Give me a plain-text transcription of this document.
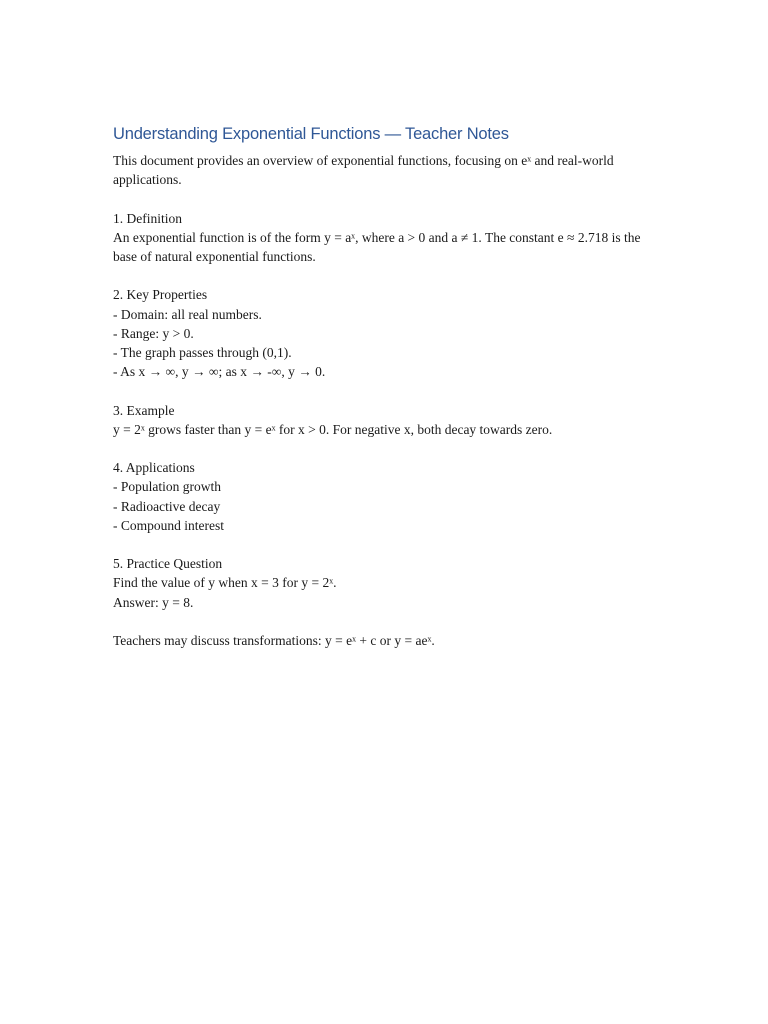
Understanding Exponential Functions — Teacher Notes

This document provides an overview of exponential functions, focusing on eˣ and real-world applications.

1. Definition

An exponential function is of the form y = aˣ, where a > 0 and a ≠ 1. The constant e ≈ 2.718 is the base of natural exponential functions.

2. Key Properties
- Domain: all real numbers.
- Range: y > 0.
- The graph passes through (0,1).
- As x → ∞, y → ∞; as x → -∞, y → 0.
3. Example

y = 2ˣ grows faster than y = eˣ for x > 0. For negative x, both decay towards zero.

4. Applications
- Population growth
- Radioactive decay
- Compound interest
5. Practice Question
Find the value of y when x = 3 for y = 2ˣ.
Answer: y = 8.

Teachers may discuss transformations: y = eˣ + c or y = aeˣ.
